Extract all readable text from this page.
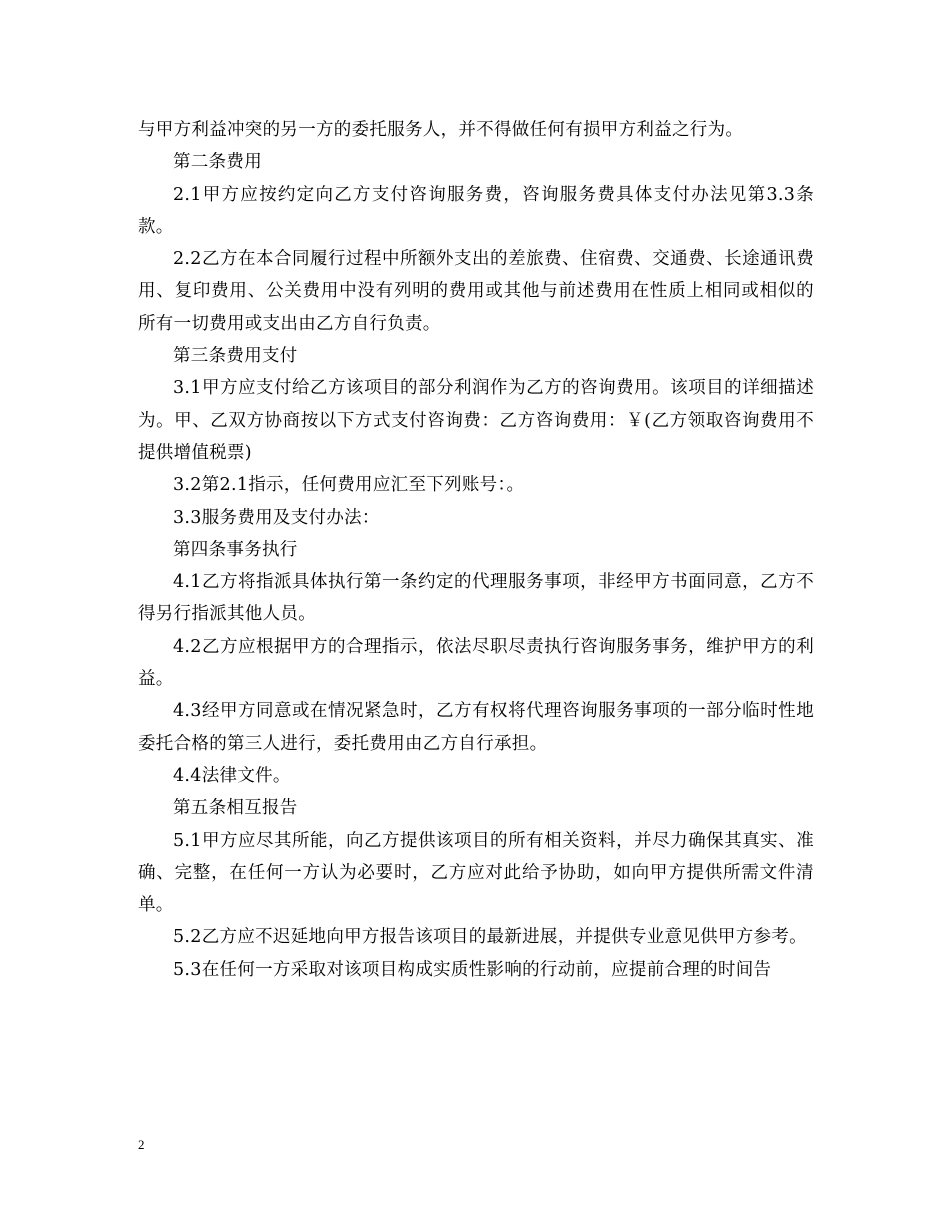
与甲方利益冲突的另一方的委托服务人，并不得做任何有损甲方利益之行为。

第二条费用

2.1甲方应按约定向乙方支付咨询服务费，咨询服务费具体支付办法见第3.3条款。

2.2乙方在本合同履行过程中所额外支出的差旅费、住宿费、交通费、长途通讯费用、复印费用、公关费用中没有列明的费用或其他与前述费用在性质上相同或相似的所有一切费用或支出由乙方自行负责。

第三条费用支付

3.1甲方应支付给乙方该项目的部分利润作为乙方的咨询费用。该项目的详细描述为。甲、乙双方协商按以下方式支付咨询费：乙方咨询费用：￥(乙方领取咨询费用不提供增值税票)

3.2第2.1指示，任何费用应汇至下列账号：。

3.3服务费用及支付办法：

第四条事务执行

4.1乙方将指派具体执行第一条约定的代理服务事项，非经甲方书面同意，乙方不得另行指派其他人员。

4.2乙方应根据甲方的合理指示，依法尽职尽责执行咨询服务事务，维护甲方的利益。

4.3经甲方同意或在情况紧急时，乙方有权将代理咨询服务事项的一部分临时性地委托合格的第三人进行，委托费用由乙方自行承担。

4.4法律文件。

第五条相互报告

5.1甲方应尽其所能，向乙方提供该项目的所有相关资料，并尽力确保其真实、准确、完整，在任何一方认为必要时，乙方应对此给予协助，如向甲方提供所需文件清单。

5.2乙方应不迟延地向甲方报告该项目的最新进展，并提供专业意见供甲方参考。

5.3在任何一方采取对该项目构成实质性影响的行动前，应提前合理的时间告

2
